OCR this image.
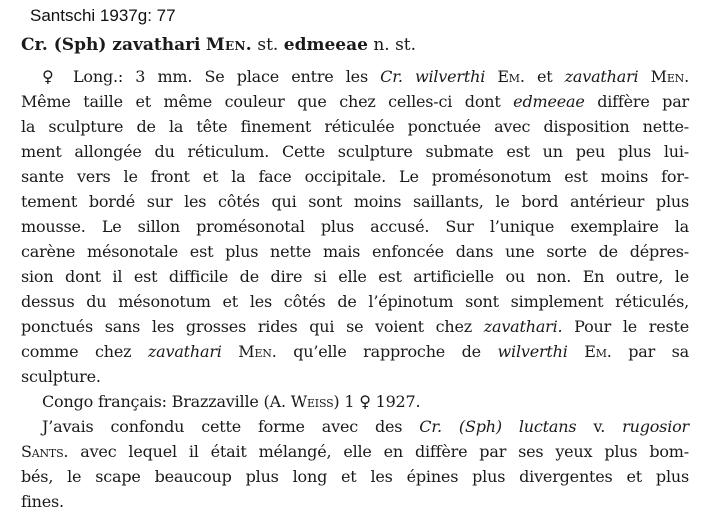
Santschi 1937g: 77
Cr. (Sph) zavathari Men. st. edmeeae n. st.
♀ Long.: 3 mm. Se place entre les Cr. wilverthi Em. et zavathari Men.
Même taille et même couleur que chez celles-ci dont edmeeae diffère par
la sculpture de la tête finement réticulée ponctuée avec disposition nette-
ment allongée du réticulum. Cette sculpture submate est un peu plus lui-
sante vers le front et la face occipitale. Le promésonotum est moins for-
tement bordé sur les côtés qui sont moins saillants, le bord antérieur plus
mousse. Le sillon promésonotal plus accusé. Sur l’unique exemplaire la
carène mésonotale est plus nette mais enfoncée dans une sorte de dépres-
sion dont il est difficile de dire si elle est artificielle ou non. En outre, le
dessus du mésonotum et les côtés de l’épinotum sont simplement réticulés,
ponctués sans les grosses rides qui se voient chez zavathari. Pour le reste
comme chez zavathari Men. qu’elle rapproche de wilverthi Em. par sa
sculpture.
Congo français: Brazzaville (A. Weiss) 1 ♀ 1927.
J’avais confondu cette forme avec des Cr. (Sph) luctans v. rugosior
Sants. avec lequel il était mélangé, elle en diffère par ses yeux plus bom-
bés, le scape beaucoup plus long et les épines plus divergentes et plus
fines.
